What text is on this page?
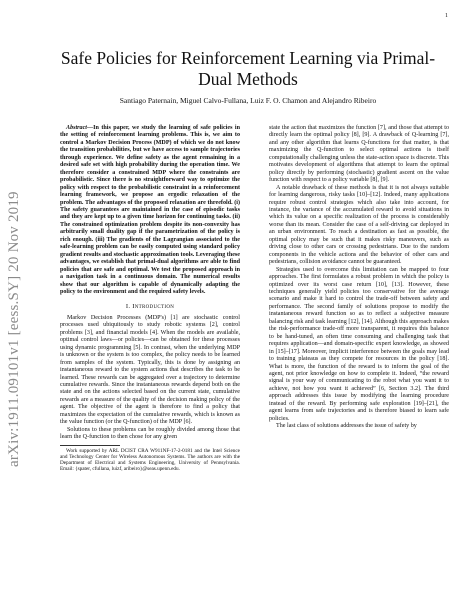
1
arXiv:1911.09101v1 [eess.SY] 20 Nov 2019
Safe Policies for Reinforcement Learning via Primal-Dual Methods
Santiago Paternain, Miguel Calvo-Fullana, Luiz F. O. Chamon and Alejandro Ribeiro

Abstract—In this paper, we study the learning of safe policies in the setting of reinforcement learning problems. This is, we aim to control a Markov Decision Process (MDP) of which we do not know the transition probabilities, but we have access to sample trajectories through experience. We define safety as the agent remaining in a desired safe set with high probability during the operation time. We therefore consider a constrained MDP where the constraints are probabilistic. Since there is no straightforward way to optimize the policy with respect to the probabilistic constraint in a reinforcement learning framework, we propose an ergodic relaxation of the problem. The advantages of the proposed relaxation are threefold. (i) The safety guarantees are maintained in the case of episodic tasks and they are kept up to a given time horizon for continuing tasks. (ii) The constrained optimization problem despite its non-convexity has arbitrarily small duality gap if the parametrization of the policy is rich enough. (iii) The gradients of the Lagrangian associated to the safe-learning problem can be easily computed using standard policy gradient results and stochastic approximation tools. Leveraging these advantages, we establish that primal-dual algorithms are able to find policies that are safe and optimal. We test the proposed approach in a navigation task in a continuous domain. The numerical results show that our algorithm is capable of dynamically adapting the policy to the environment and the required safety levels.

I. Introduction

Markov Decision Processes (MDP's) [1] are stochastic control processes used ubiquitously to study robotic systems [2], control problems [3], and financial models [4]. When the models are available, optimal control laws—or policies—can be obtained for these processes using dynamic programming [5]. In contrast, when the underlying MDP is unknown or the system is too complex, the policy needs to be learned from samples of the system. Typically, this is done by assigning an instantaneous reward to the system actions that describes the task to be learned. These rewards can be aggregated over a trajectory to determine cumulative rewards. Since the instantaneous rewards depend both on the state and on the actions selected based on the current state, cumulative rewards are a measure of the quality of the decision making policy of the agent. The objective of the agent is therefore to find a policy that maximizes the expectation of the cumulative rewards, which is known as the value function (or the Q-function) of the MDP [6].

Solutions to these problems can be roughly divided among those that learn the Q-function to then chose for any given

Work supported by ARL DCIST CRA W911NF-17-2-0181 and the Intel Science and Technology Center for Wireless Autonomous Systems. The authors are with the Department of Electrical and Systems Engineering, University of Pennsylvania. Email: {spater, cfullana, luizf, aribeiro}@seas.upenn.edu.

state the action that maximizes the function [7], and those that attempt to directly learn the optimal policy [8], [9]. A drawback of Q-learning [7], and any other algorithm that learns Q-functions for that matter, is that maximizing the Q-function to select optimal actions is itself computationally challenging unless the state-action space is discrete. This motivates development of algorithms that attempt to learn the optimal policy directly by performing (stochastic) gradient ascent on the value function with respect to a policy variable [8], [9].

A notable drawback of these methods is that it is not always suitable for learning dangerous, risky tasks [10]–[12]. Indeed, many applications require robust control strategies which also take into account, for instance, the variance of the accumulated reward to avoid situations in which its value on a specific realization of the process is considerably worse than its mean. Consider the case of a self-driving car deployed in an urban environment. To reach a destination as fast as possible, the optimal policy may be such that it makes risky maneuvers, such as driving close to other cars or crossing pedestrians. Due to the random components in the vehicle actions and the behavior of other cars and pedestrians, collision avoidance cannot be guaranteed.

Strategies used to overcome this limitation can be mapped to four approaches. The first formulates a robust problem in which the policy is optimized over its worst case return [10], [13]. However, these techniques generally yield policies too conservative for the average scenario and make it hard to control the trade-off between safety and performance. The second family of solutions propose to modify the instantaneous reward function so as to reflect a subjective measure balancing risk and task learning [12], [14]. Although this approach makes the risk-performance trade-off more transparent, it requires this balance to be hand-tuned, an often time consuming and challenging task that requires application—and domain-specific expert knowledge, as showed in [15]–[17]. Moreover, implicit interference between the goals may lead to training plateaus as they compete for resources in the policy [18]. What is more, the function of the reward is to inform the goal of the agent, not prior knowledge on how to complete it. Indeed, “the reward signal is your way of communicating to the robot what you want it to achieve, not how you want it achieved” [6, Section 3.2]. The third approach addresses this issue by modifying the learning procedure instead of the reward. By performing safe exploration [19]–[21], the agent learns from safe trajectories and is therefore biased to learn safe policies.

The last class of solutions addresses the issue of safety by
